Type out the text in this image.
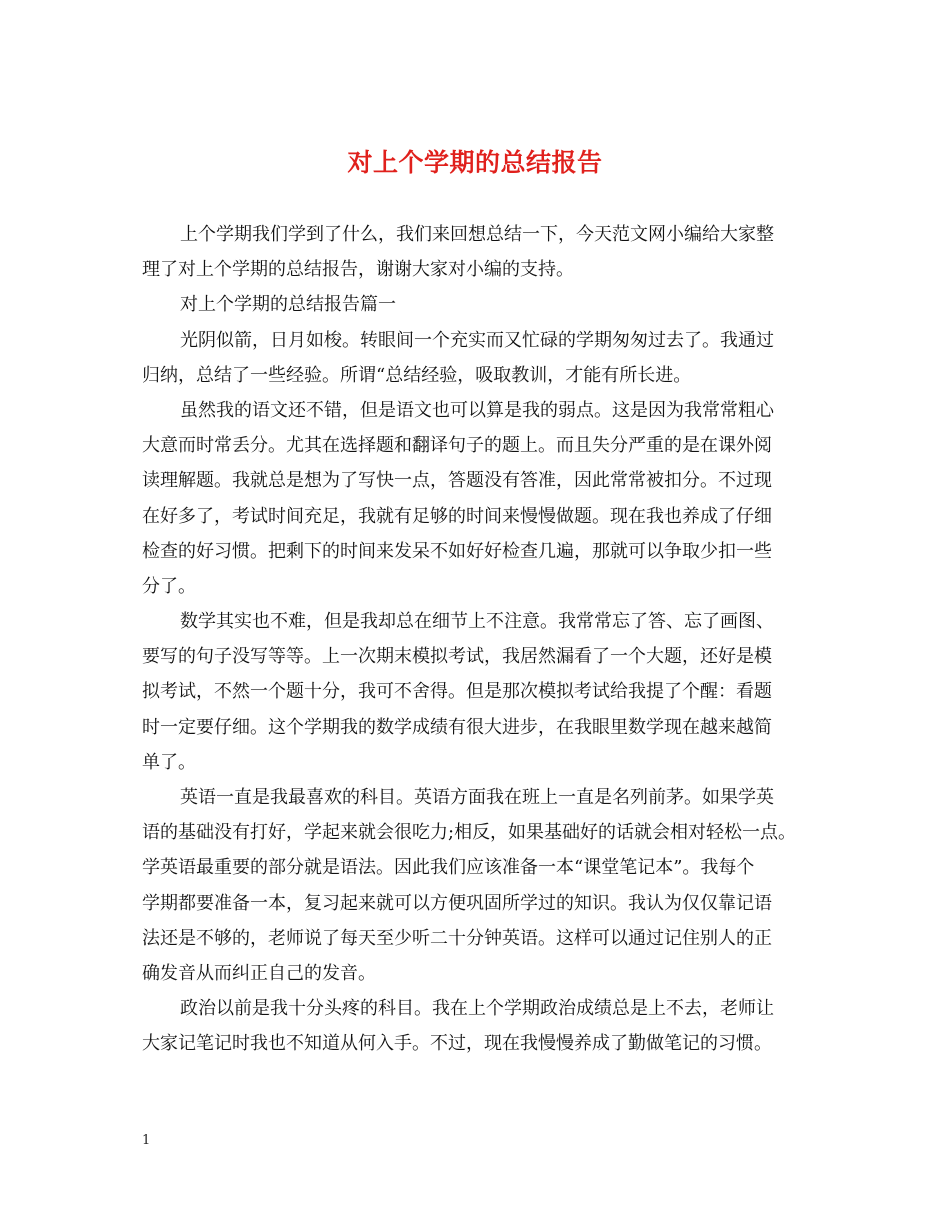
对上个学期的总结报告
上个学期我们学到了什么，我们来回想总结一下，今天范文网小编给大家整
理了对上个学期的总结报告，谢谢大家对小编的支持。
对上个学期的总结报告篇一
光阴似箭，日月如梭。转眼间一个充实而又忙碌的学期匆匆过去了。我通过
归纳，总结了一些经验。所谓“总结经验，吸取教训，才能有所长进。
虽然我的语文还不错，但是语文也可以算是我的弱点。这是因为我常常粗心
大意而时常丢分。尤其在选择题和翻译句子的题上。而且失分严重的是在课外阅
读理解题。我就总是想为了写快一点，答题没有答准，因此常常被扣分。不过现
在好多了，考试时间充足，我就有足够的时间来慢慢做题。现在我也养成了仔细
检查的好习惯。把剩下的时间来发呆不如好好检查几遍，那就可以争取少扣一些
分了。
数学其实也不难，但是我却总在细节上不注意。我常常忘了答、忘了画图、
要写的句子没写等等。上一次期末模拟考试，我居然漏看了一个大题，还好是模
拟考试，不然一个题十分，我可不舍得。但是那次模拟考试给我提了个醒：看题
时一定要仔细。这个学期我的数学成绩有很大进步，在我眼里数学现在越来越简
单了。
英语一直是我最喜欢的科目。英语方面我在班上一直是名列前茅。如果学英
语的基础没有打好，学起来就会很吃力;相反，如果基础好的话就会相对轻松一点。
学英语最重要的部分就是语法。因此我们应该准备一本“课堂笔记本”。我每个
学期都要准备一本，复习起来就可以方便巩固所学过的知识。我认为仅仅靠记语
法还是不够的，老师说了每天至少听二十分钟英语。这样可以通过记住别人的正
确发音从而纠正自己的发音。
政治以前是我十分头疼的科目。我在上个学期政治成绩总是上不去，老师让
大家记笔记时我也不知道从何入手。不过，现在我慢慢养成了勤做笔记的习惯。
1
